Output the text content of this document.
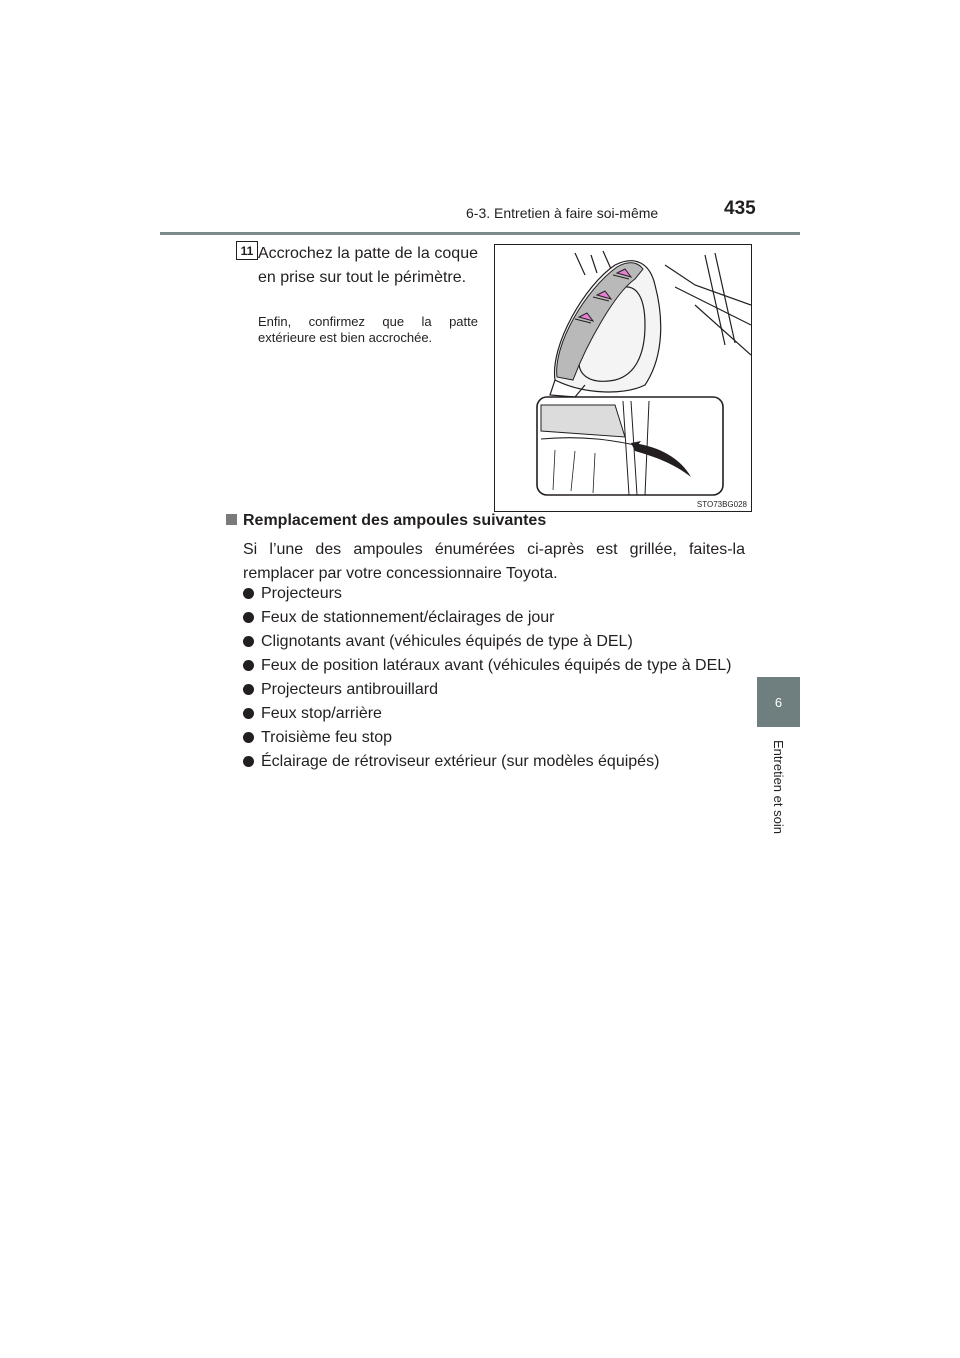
6-3. Entretien à faire soi-même	435
6
Entretien et soin
11 Accrochez la patte de la coque en prise sur tout le périmètre.
Enfin, confirmez que la patte extérieure est bien accrochée.
STO73BG028
Remplacement des ampoules suivantes
Si l’une des ampoules énumérées ci-après est grillée, faites-la remplacer par votre concessionnaire Toyota.
Projecteurs
Feux de stationnement/éclairages de jour
Clignotants avant (véhicules équipés de type à DEL)
Feux de position latéraux avant (véhicules équipés de type à DEL)
Projecteurs antibrouillard
Feux stop/arrière
Troisième feu stop
Éclairage de rétroviseur extérieur (sur modèles équipés)
